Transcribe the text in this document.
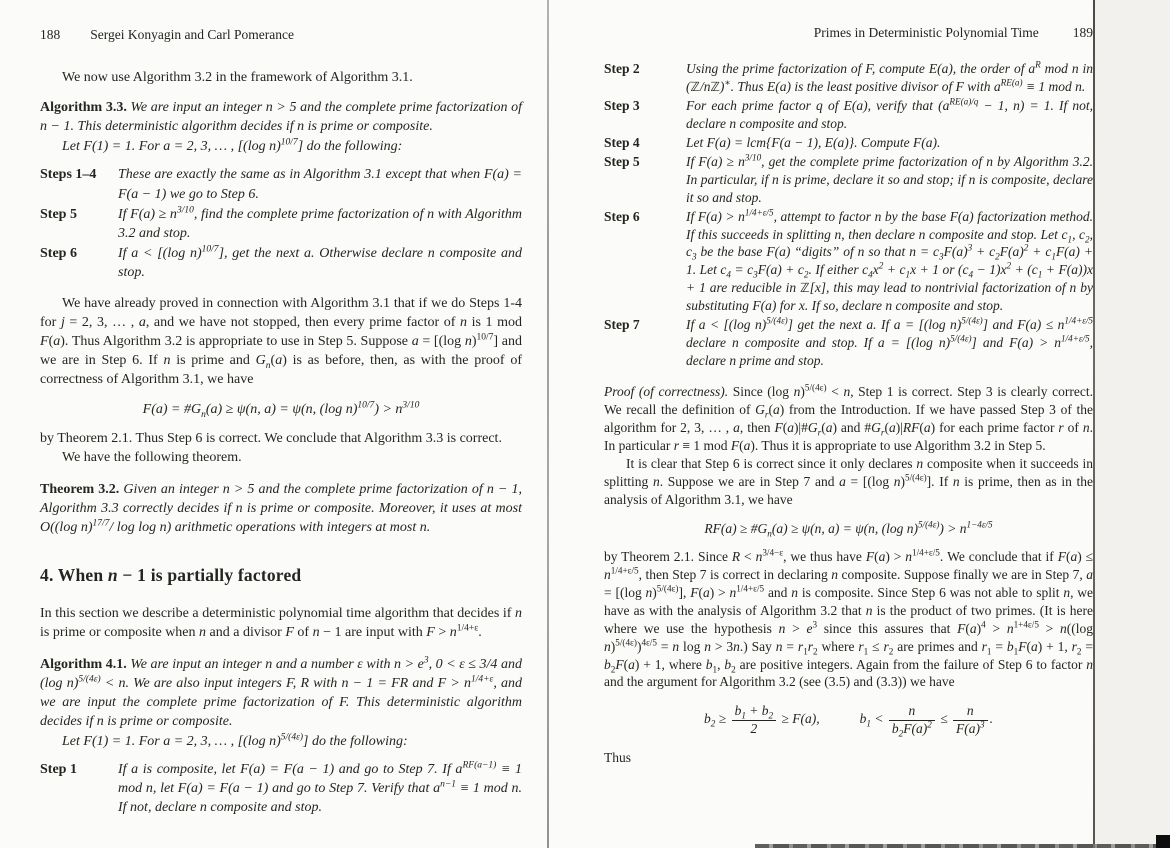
188 Sergei Konyagin and Carl Pomerance
We now use Algorithm 3.2 in the framework of Algorithm 3.1.
Algorithm 3.3. We are input an integer n > 5 and the complete prime factorization of n − 1. This deterministic algorithm decides if n is prime or composite.
Let F(1) = 1. For a = 2, 3, … , [(log n)$^{10/7}$] do the following:
Steps 1–4	These are exactly the same as in Algorithm 3.1 except that when F(a) = F(a − 1) we go to Step 6.
Step 5	If $F(a) \ge n^{3/10}$, find the complete prime factorization of n with Algorithm 3.2 and stop.
Step 6	If a < [(log n)$^{10/7}$], get the next a. Otherwise declare n composite and stop.
We have already proved in connection with Algorithm 3.1 that if we do Steps 1-4 for j = 2, 3, … , a, and we have not stopped, then every prime factor of n is 1 mod F(a). Thus Algorithm 3.2 is appropriate to use in Step 5. Suppose a = [(log n)$^{10/7}$] and we are in Step 6. If n is prime and $G_n(a)$ is as before, then, as with the proof of correctness of Algorithm 3.1, we have
$F(a) = \#G_n(a) \ge \psi(n$, a) = ψ(n, (log $n)^{10/7}) > n^{3/10}$
by Theorem 2.1. Thus Step 6 is correct. We conclude that Algorithm 3.3 is correct.
We have the following theorem.
Theorem 3.2. Given an integer n > 5 and the complete prime factorization of n − 1, Algorithm 3.3 correctly decides if n is prime or composite. Moreover, it uses at most O((log n)$^{17/7}$/ log log n) arithmetic operations with integers at most n.
4. When n − 1 is partially factored
In this section we describe a deterministic polynomial time algorithm that decides if n is prime or composite when n and a divisor F of n − 1 are input with $F > n^{1/4+\varepsilon}$.
Algorithm 4.1. We are input an integer n and a number ε with $n > e^3$, 0 < ε ≤ 3/4 and (log n)$^{5/(4\varepsilon)}$ < n. We are also input integers F, R with n − 1 = FR and $F > n^{1/4+\varepsilon}$, and we are input the complete prime factorization of F. This deterministic algorithm decides if n is prime or composite.
Let F(1) = 1. For a = 2, 3, … , [(log n)$^{5/(4\varepsilon)}$] do the following:
Step 1	If a is composite, let F(a) = F(a − 1) and go to Step 7. If $a^{RF(a-1)} \equiv 1$ mod n, let F(a) = F(a − 1) and go to Step 7. Verify that $a^{n-1} \equiv 1$ mod n. If not, declare n composite and stop.
Primes in Deterministic Polynomial Time	189
Step 2	Using the prime factorization of F, compute E(a), the order of $a^R$ mod n in (ℤ/nℤ)∗. Thus E(a) is the least positive divisor of F with $a^{RE(a)} \equiv 1$ mod n.
Step 3	For each prime factor q of E(a), verify that ($a^{RE(a)/q} - 1$, n) = 1. If not, declare n composite and stop.
Step 4	Let F(a) = lcm{F(a − 1), E(a)}. Compute F(a).
Step 5	If $F(a) \ge n^{3/10}$, get the complete prime factorization of n by Algorithm 3.2. In particular, if n is prime, declare it so and stop; if n is composite, declare it so and stop.
Step 6	If $F(a) > n^{1/4+\varepsilon/5}$, attempt to factor n by the base F(a) factorization method. If this succeeds in splitting n, then declare n composite and stop. Let $c_1$, $c_2$, $c_3$ be the base F(a) “digits” of n so that $n = c_3F(a)^3 + c_2F(a)^2 + c_1F(a) + 1$. Let $c_4 = c_3F(a) + c_2$. If either $c_4x^2 + c_1x + 1$ or $(c_4 - 1)x^2 + (c_1 + F(a))x + 1$ are reducible in ℤ[x], this may lead to nontrivial factorization of n by substituting F(a) for x. If so, declare n composite and stop.
Step 7	If a < [(log n)$^{5/(4\varepsilon)}$] get the next a. If a = [(log n)$^{5/(4\varepsilon)}$] and $F(a) \le n^{1/4+\varepsilon/5}$ declare n composite and stop. If a = [(log n)$^{5/(4\varepsilon)}$] and $F(a) > n^{1/4+\varepsilon/5}$, declare n prime and stop.
Proof (of correctness). Since (log n)$^{5/(4\varepsilon)}$ < n, Step 1 is correct. Step 3 is clearly correct. We recall the definition of $G_r(a)$ from the Introduction. If we have passed Step 3 of the algorithm for 2, 3, … , a, then $F(a)|\#G_r(a)$ and $\#G_r(a)|RF(a)$ for each prime factor r of n. In particular r ≡ 1 mod F(a). Thus it is appropriate to use Algorithm 3.2 in Step 5.
It is clear that Step 6 is correct since it only declares n composite when it succeeds in splitting n. Suppose we are in Step 7 and a = [(log n)$^{5/(4\varepsilon)}$]. If n is prime, then as in the analysis of Algorithm 3.1, we have
$RF(a) \ge \#G_n(a) \ge \psi(n$, a) = ψ(n, (log $n)^{5/(4\varepsilon)}) > n^{1-4\varepsilon/5}$
by Theorem 2.1. Since $R < n^{3/4-\varepsilon}$, we thus have $F(a) > n^{1/4+\varepsilon/5}$. We conclude that if $F(a) \le n^{1/4+\varepsilon/5}$, then Step 7 is correct in declaring n composite. Suppose finally we are in Step 7, a = [(log n)$^{5/(4\varepsilon)}$], $F(a) > n^{1/4+\varepsilon/5}$ and n is composite. Since Step 6 was not able to split n, we have as with the analysis of Algorithm 3.2 that n is the product of two primes. (It is here where we use the hypothesis $n > e^3$ since this assures that $F(a)^4 > n^{1+4\varepsilon/5} > n((\log$ n)$^{5/(4\varepsilon)}$)$^{4\varepsilon/5}$ = n log n > 3n.) Say $n = r_1r_2$ where $r_1 \le r_2$ are primes and $r_1 = b_1F(a) + 1$, $r_2 = b_2F(a) + 1$, where $b_1$, $b_2$ are positive integers. Again from the failure of Step 6 to factor n and the argument for Algorithm 3.2 (see (3.5) and (3.3)) we have
$b_2 \ge \frac{b_1 + b_2}{2} \ge F(a)$,	$b_1 < \frac{n}{b_2F(a)^2} \le \frac{n}{F(a)^3}$ .
Thus
